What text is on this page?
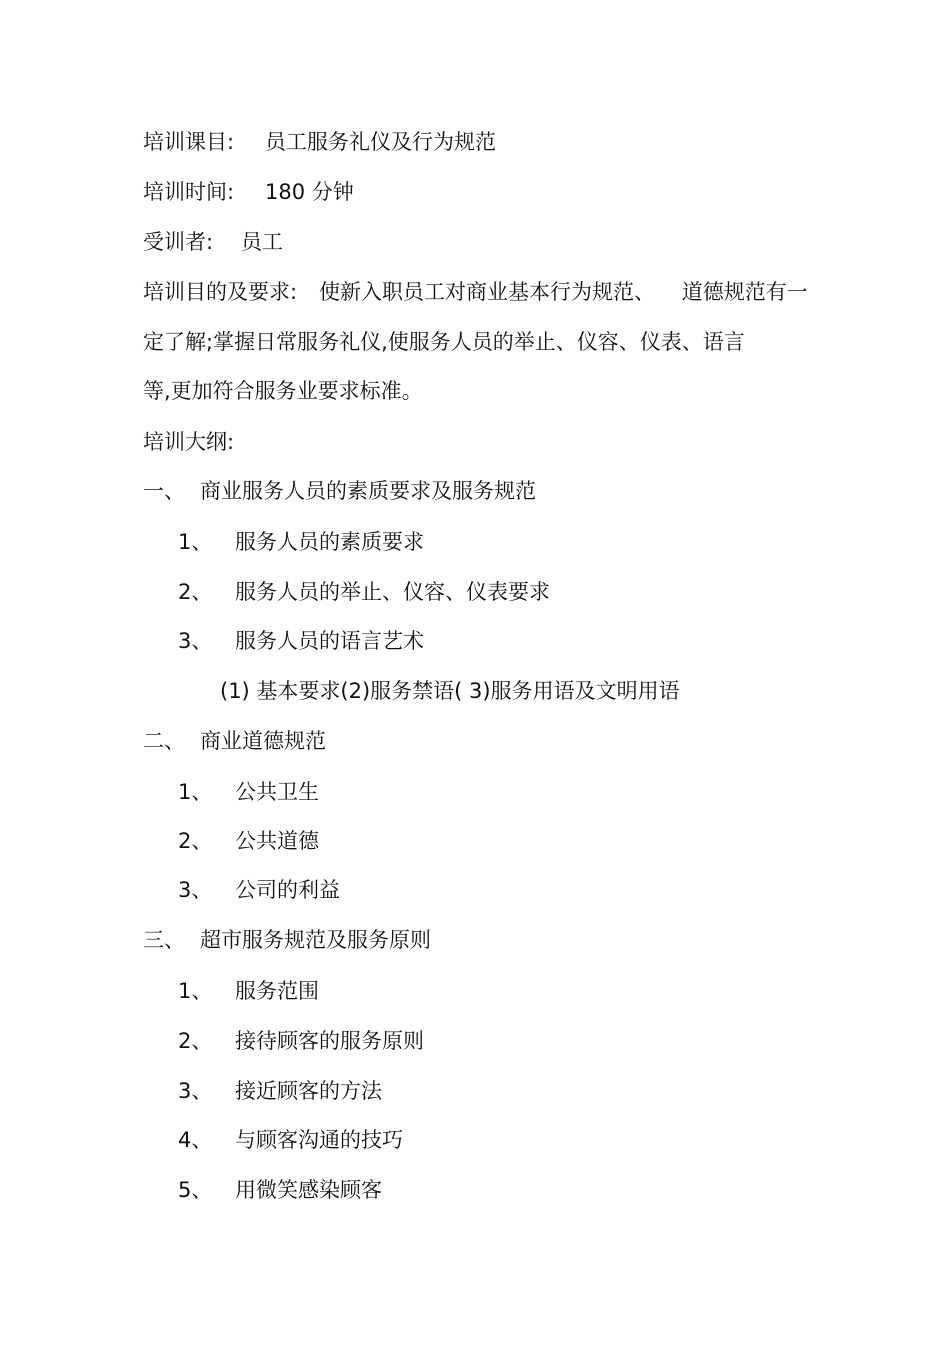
培训课目: 员工服务礼仪及行为规范
培训时间: 180 分钟
受训者: 员工
培训目的及要求: 使新入职员工对商业基本行为规范、    道德规范有一
定了解;掌握日常服务礼仪,使服务人员的举止、仪容、仪表、语言
等,更加符合服务业要求标准。
培训大纲:
一、 商业服务人员的素质要求及服务规范
1、 服务人员的素质要求
2、 服务人员的举止、仪容、仪表要求
3、 服务人员的语言艺术
(1) 基本要求(2)服务禁语( 3)服务用语及文明用语
二、 商业道德规范
1、 公共卫生
2、 公共道德
3、 公司的利益
三、 超市服务规范及服务原则
1、 服务范围
2、 接待顾客的服务原则
3、 接近顾客的方法
4、 与顾客沟通的技巧
5、 用微笑感染顾客
